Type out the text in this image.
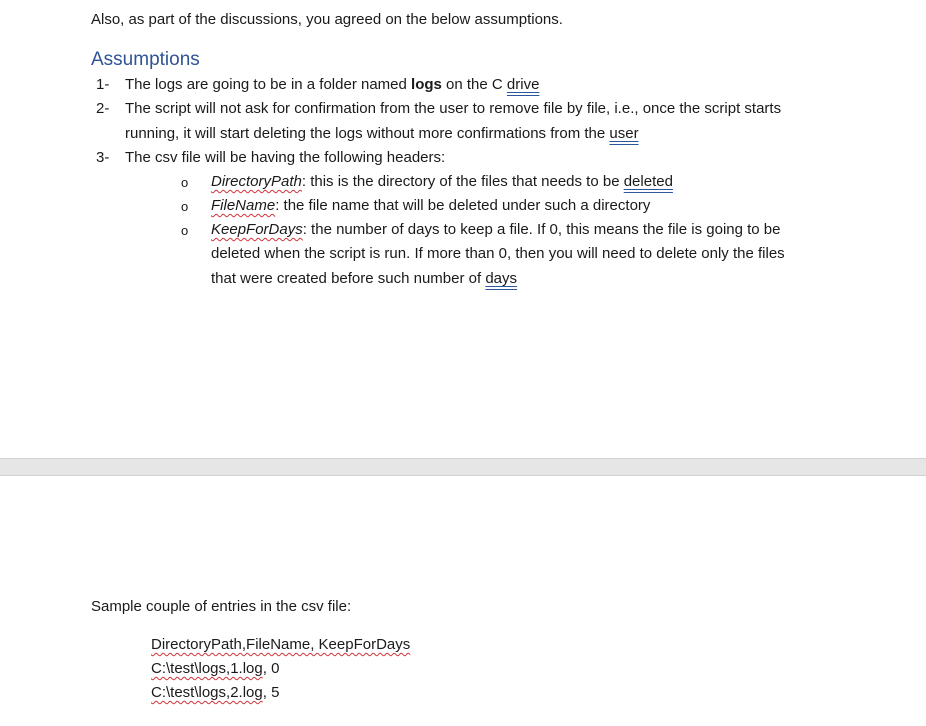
Also, as part of the discussions, you agreed on the below assumptions.
Assumptions
1- The logs are going to be in a folder named logs on the C drive
2- The script will not ask for confirmation from the user to remove file by file, i.e., once the script starts
running, it will start deleting the logs without more confirmations from the user
3- The csv file will be having the following headers:
o DirectoryPath: this is the directory of the files that needs to be deleted
o FileName: the file name that will be deleted under such a directory
o KeepForDays: the number of days to keep a file. If 0, this means the file is going to be
deleted when the script is run. If more than 0, then you will need to delete only the files
that were created before such number of days
Sample couple of entries in the csv file:
DirectoryPath,FileName, KeepForDays
C:\test\logs,1.log, 0
C:\test\logs,2.log, 5
